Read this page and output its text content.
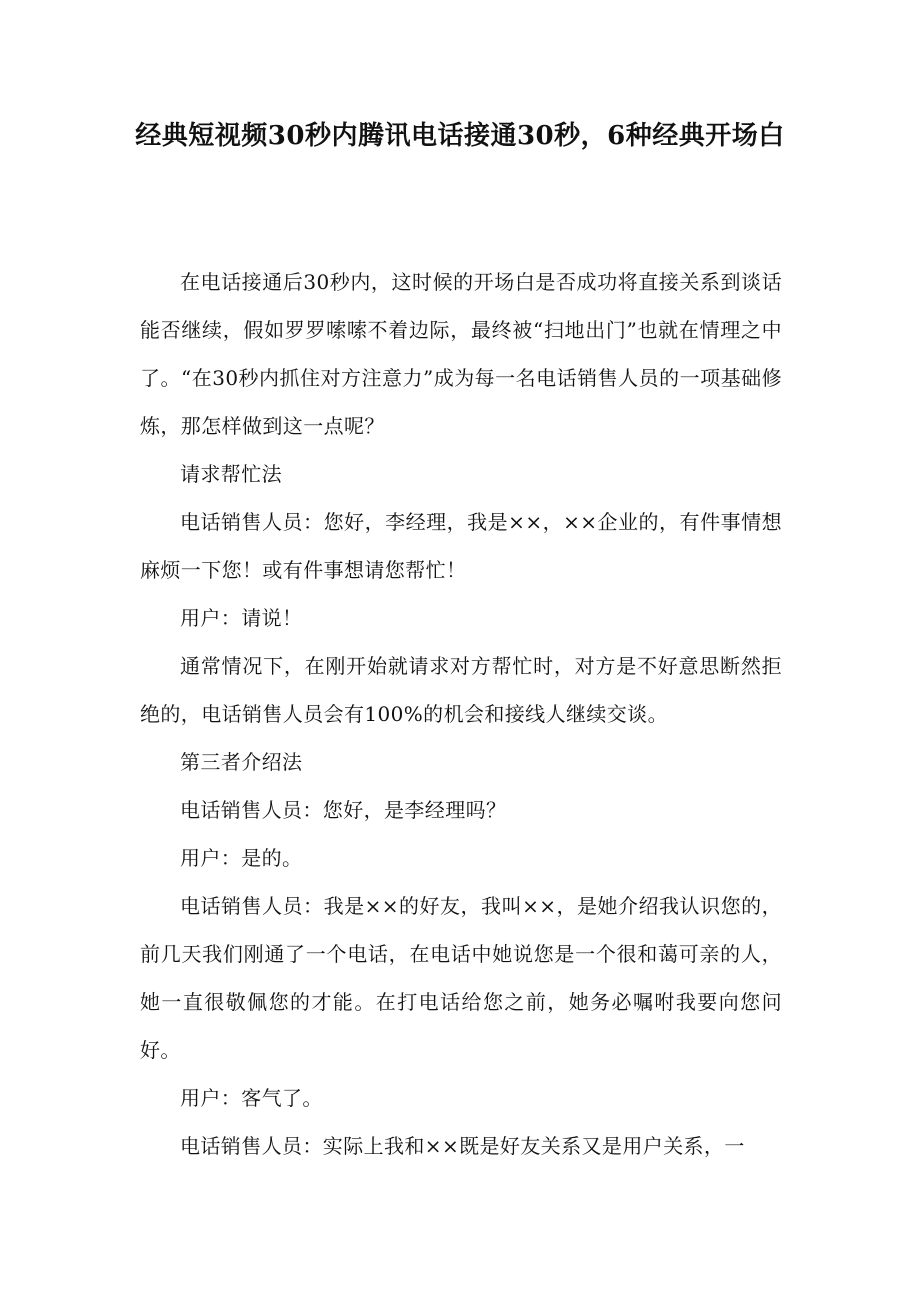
经典短视频30秒内腾讯电话接通30秒，6种经典开场白

在电话接通后30秒内，这时候的开场白是否成功将直接关系到谈话能否继续，假如罗罗嗦嗦不着边际，最终被“扫地出门”也就在情理之中了。“在30秒内抓住对方注意力”成为每一名电话销售人员的一项基础修炼，那怎样做到这一点呢？

请求帮忙法

电话销售人员：您好，李经理，我是××，××企业的，有件事情想麻烦一下您！或有件事想请您帮忙！

用户：请说！

通常情况下，在刚开始就请求对方帮忙时，对方是不好意思断然拒绝的，电话销售人员会有100%的机会和接线人继续交谈。

第三者介绍法

电话销售人员：您好，是李经理吗？

用户：是的。

电话销售人员：我是××的好友，我叫××，是她介绍我认识您的，前几天我们刚通了一个电话，在电话中她说您是一个很和蔼可亲的人，她一直很敬佩您的才能。在打电话给您之前，她务必嘱咐我要向您问好。

用户：客气了。

电话销售人员：实际上我和××既是好友关系又是用户关系，一
